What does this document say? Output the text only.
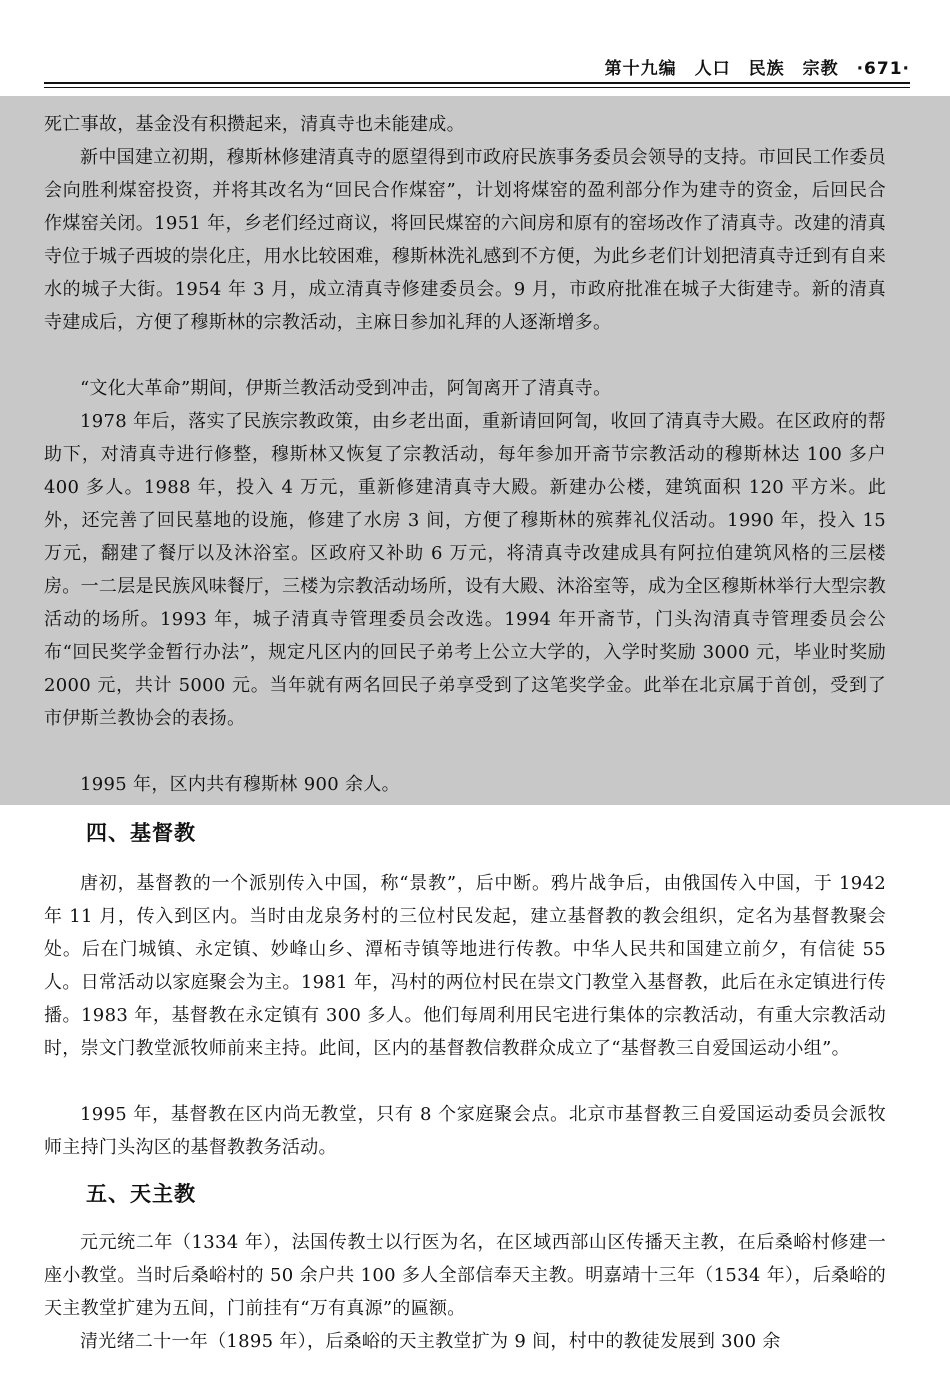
第十九编　人口　民族　宗教　·671·

死亡事故，基金没有积攒起来，清真寺也未能建成。

新中国建立初期，穆斯林修建清真寺的愿望得到市政府民族事务委员会领导的支持。市回民工作委员会向胜利煤窑投资，并将其改名为“回民合作煤窑”，计划将煤窑的盈利部分作为建寺的资金，后回民合作煤窑关闭。1951 年，乡老们经过商议，将回民煤窑的六间房和原有的窑场改作了清真寺。改建的清真寺位于城子西坡的崇化庄，用水比较困难，穆斯林洗礼感到不方便，为此乡老们计划把清真寺迁到有自来水的城子大街。1954 年 3 月，成立清真寺修建委员会。9 月，市政府批准在城子大街建寺。新的清真寺建成后，方便了穆斯林的宗教活动，主麻日参加礼拜的人逐渐增多。

“文化大革命”期间，伊斯兰教活动受到冲击，阿訇离开了清真寺。

1978 年后，落实了民族宗教政策，由乡老出面，重新请回阿訇，收回了清真寺大殿。在区政府的帮助下，对清真寺进行修整，穆斯林又恢复了宗教活动，每年参加开斋节宗教活动的穆斯林达 100 多户 400 多人。1988 年，投入 4 万元，重新修建清真寺大殿。新建办公楼，建筑面积 120 平方米。此外，还完善了回民墓地的设施，修建了水房 3 间，方便了穆斯林的殡葬礼仪活动。1990 年，投入 15 万元，翻建了餐厅以及沐浴室。区政府又补助 6 万元，将清真寺改建成具有阿拉伯建筑风格的三层楼房。一二层是民族风味餐厅，三楼为宗教活动场所，设有大殿、沐浴室等，成为全区穆斯林举行大型宗教活动的场所。1993 年，城子清真寺管理委员会改选。1994 年开斋节，门头沟清真寺管理委员会公布“回民奖学金暂行办法”，规定凡区内的回民子弟考上公立大学的，入学时奖励 3000 元，毕业时奖励 2000 元，共计 5000 元。当年就有两名回民子弟享受到了这笔奖学金。此举在北京属于首创，受到了市伊斯兰教协会的表扬。

1995 年，区内共有穆斯林 900 余人。

四、基督教

唐初，基督教的一个派别传入中国，称“景教”，后中断。鸦片战争后，由俄国传入中国，于 1942 年 11 月，传入到区内。当时由龙泉务村的三位村民发起，建立基督教的教会组织，定名为基督教聚会处。后在门城镇、永定镇、妙峰山乡、潭柘寺镇等地进行传教。中华人民共和国建立前夕，有信徒 55 人。日常活动以家庭聚会为主。1981 年，冯村的两位村民在崇文门教堂入基督教，此后在永定镇进行传播。1983 年，基督教在永定镇有 300 多人。他们每周利用民宅进行集体的宗教活动，有重大宗教活动时，崇文门教堂派牧师前来主持。此间，区内的基督教信教群众成立了“基督教三自爱国运动小组”。

1995 年，基督教在区内尚无教堂，只有 8 个家庭聚会点。北京市基督教三自爱国运动委员会派牧师主持门头沟区的基督教教务活动。

五、天主教

元元统二年（1334 年），法国传教士以行医为名，在区域西部山区传播天主教，在后桑峪村修建一座小教堂。当时后桑峪村的 50 余户共 100 多人全部信奉天主教。明嘉靖十三年（1534 年），后桑峪的天主教堂扩建为五间，门前挂有“万有真源”的匾额。

清光绪二十一年（1895 年），后桑峪的天主教堂扩为 9 间，村中的教徒发展到 300 余
